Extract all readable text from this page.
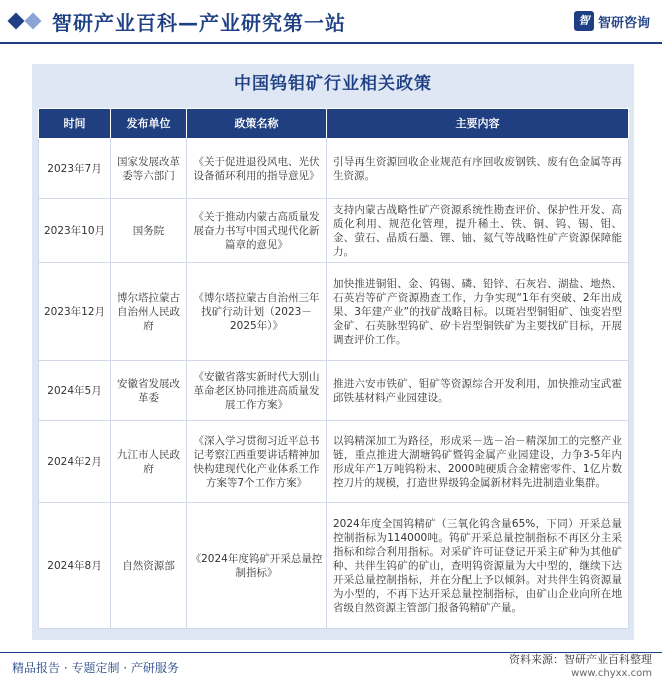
智研产业百科—产业研究第一站	智 智研咨询
中国钨钼矿行业相关政策
时间	发布单位	政策名称	主要内容
2023年7月	国家发展改革委等六部门	《关于促进退役风电、光伏设备循环利用的指导意见》	引导再生资源回收企业规范有序回收废钢铁、废有色金属等再生资源。
2023年10月	国务院	《关于推动内蒙古高质量发展奋力书写中国式现代化新篇章的意见》	支持内蒙古战略性矿产资源系统性勘查评价、保护性开发、高质化利用、规范化管理，提升稀土、铁、铜、钨、锡、钼、金、萤石、晶质石墨、锂、铀、氦气等战略性矿产资源保障能力。
2023年12月	博尔塔拉蒙古自治州人民政府	《博尔塔拉蒙古自治州三年找矿行动计划（2023－2025年）》	加快推进铜钼、金、钨锡、磷、铅锌、石灰岩、湖盐、地热、石英岩等矿产资源勘查工作，力争实现“1年有突破、2年出成果、3年建产业”的找矿战略目标。以斑岩型铜钼矿、蚀变岩型金矿、石英脉型钨矿、矽卡岩型铜铁矿为主要找矿目标，开展调查评价工作。
2024年5月	安徽省发展改革委	《安徽省落实新时代大别山革命老区协同推进高质量发展工作方案》	推进六安市铁矿、钼矿等资源综合开发利用，加快推动宝武霍邱铁基材料产业园建设。
2024年2月	九江市人民政府	《深入学习贯彻习近平总书记考察江西重要讲话精神加快构建现代化产业体系工作方案等7个工作方案》	以钨精深加工为路径，形成采－选－冶－精深加工的完整产业链，重点推进大湖塘钨矿暨钨金属产业园建设，力争3-5年内形成年产1万吨钨粉末、2000吨硬质合金精密零件、1亿片数控刀片的规模，打造世界级钨金属新材料先进制造业集群。
2024年8月	自然资源部	《2024年度钨矿开采总量控制指标》	2024年度全国钨精矿（三氧化钨含量65%，下同）开采总量控制指标为114000吨。钨矿开采总量控制指标不再区分主采指标和综合利用指标。对采矿许可证登记开采主矿种为其他矿种、共伴生钨矿的矿山，查明钨资源量为大中型的，继续下达开采总量控制指标，并在分配上予以倾斜。对共伴生钨资源量为小型的，不再下达开采总量控制指标，由矿山企业向所在地省级自然资源主管部门报备钨精矿产量。
精品报告 · 专题定制 · 产研服务
资料来源：智研产业百科整理
www.chyxx.com
